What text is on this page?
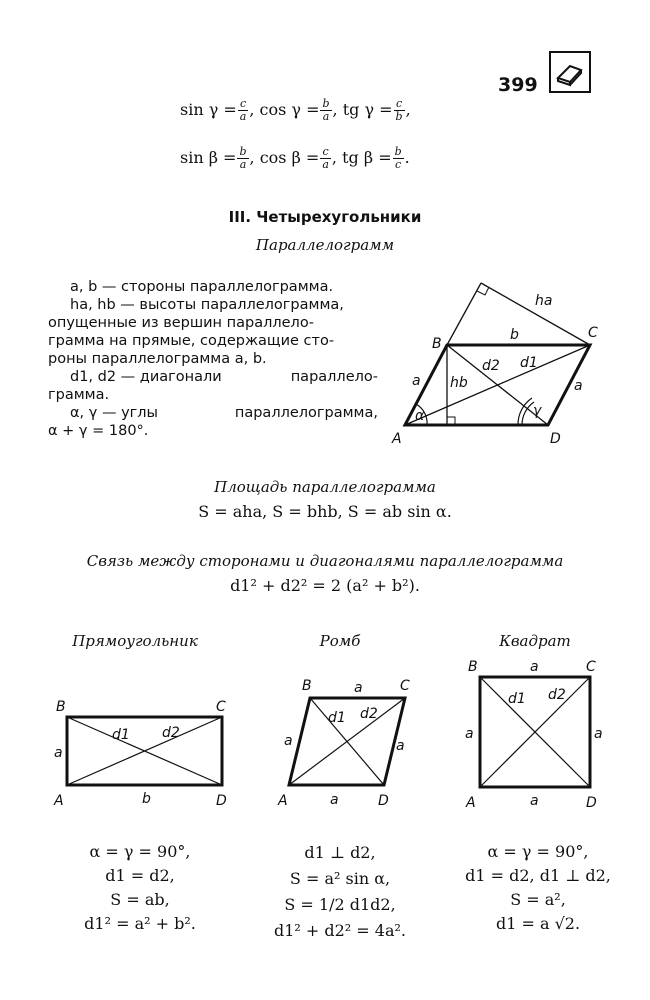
399
$\sin \gamma = \frac{c}{a}$ , $\cos \gamma = \frac{b}{a}$ , tg $\gamma = \frac{c}{b}$ ,
$\sin \beta = \frac{b}{a}$ , $\cos \beta = \frac{c}{a}$ , tg $\beta = \frac{b}{c}$ .
III. Четырехугольники
Параллелограмм
a, b — стороны параллелограмма.
ha, hb — высоты параллелограмма,
опущенные из вершин параллело-
грамма на прямые, содержащие сто-
роны параллелограмма a, b.
d1, d2 — диагонали	параллело-
грамма.
α, γ — углы	параллелограмма,
α + γ = 180°.	A
B
C
D
a	a
b
d1
d2
hb
ha
α	γ
Площадь параллелограмма
S = aha, S = bhb, S = ab sin α.
Связь между сторонами и диагоналями параллелограмма
d1² + d2² = 2 (a² + b²).
Прямоугольник	Ромб	Квадрат
B	C
A	D
a
b
d1 d2
B	C
A	D
a
a	a
a
d1 d2
B	C
A	D
a
a	a
a
d1 d2
α = γ = 90°,
d1 = d2,
S = ab,
d1² = a² + b².
d1 ⊥ d2,
S = a² sin α,
S = 1/2 d1d2,
d1² + d2² = 4a².
α = γ = 90°,
d1 = d2, d1 ⊥ d2,
S = a²,
d1 = a √2.
